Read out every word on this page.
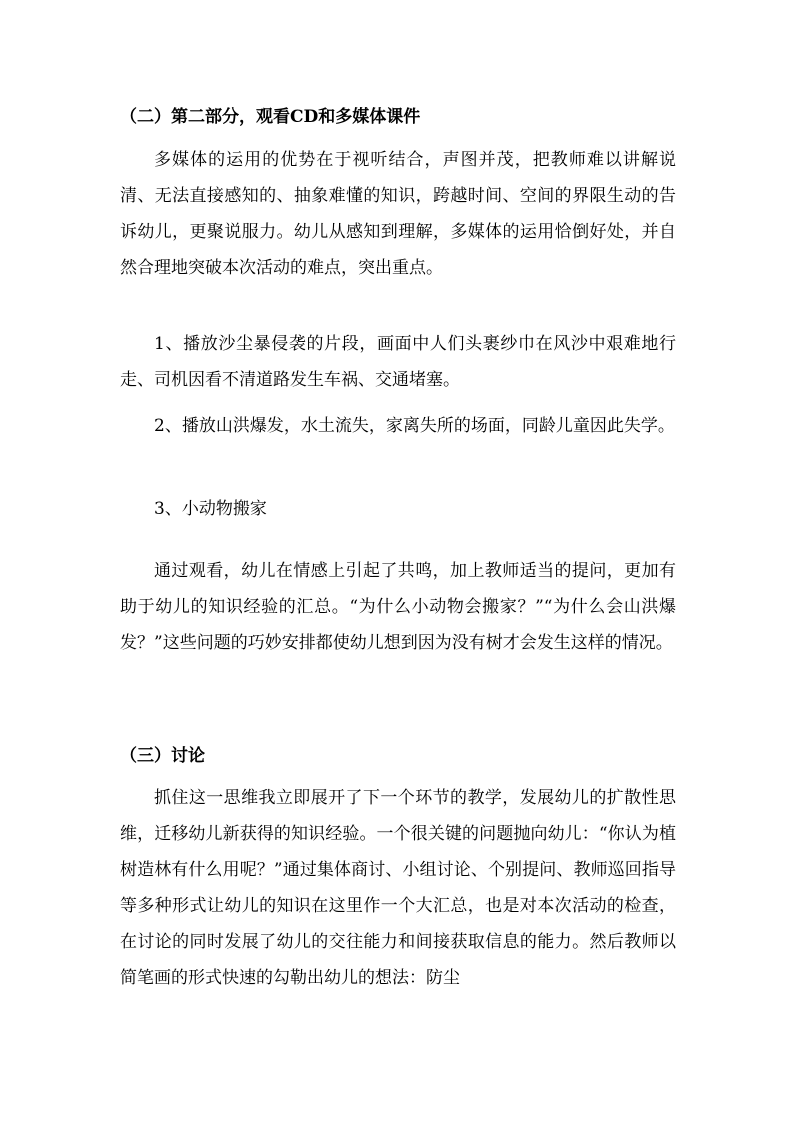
（二）第二部分，观看CD和多媒体课件

多媒体的运用的优势在于视听结合，声图并茂，把教师难以讲解说清、无法直接感知的、抽象难懂的知识，跨越时间、空间的界限生动的告诉幼儿，更聚说服力。幼儿从感知到理解，多媒体的运用恰倒好处，并自然合理地突破本次活动的难点，突出重点。

1、播放沙尘暴侵袭的片段，画面中人们头裹纱巾在风沙中艰难地行走、司机因看不清道路发生车祸、交通堵塞。

2、播放山洪爆发，水土流失，家离失所的场面，同龄儿童因此失学。

3、小动物搬家

通过观看，幼儿在情感上引起了共鸣，加上教师适当的提问，更加有助于幼儿的知识经验的汇总。“为什么小动物会搬家？”“为什么会山洪爆发？”这些问题的巧妙安排都使幼儿想到因为没有树才会发生这样的情况。

（三）讨论

抓住这一思维我立即展开了下一个环节的教学，发展幼儿的扩散性思维，迁移幼儿新获得的知识经验。一个很关键的问题抛向幼儿：“你认为植树造林有什么用呢？”通过集体商讨、小组讨论、个别提问、教师巡回指导等多种形式让幼儿的知识在这里作一个大汇总，也是对本次活动的检查，在讨论的同时发展了幼儿的交往能力和间接获取信息的能力。然后教师以简笔画的形式快速的勾勒出幼儿的想法：防尘
